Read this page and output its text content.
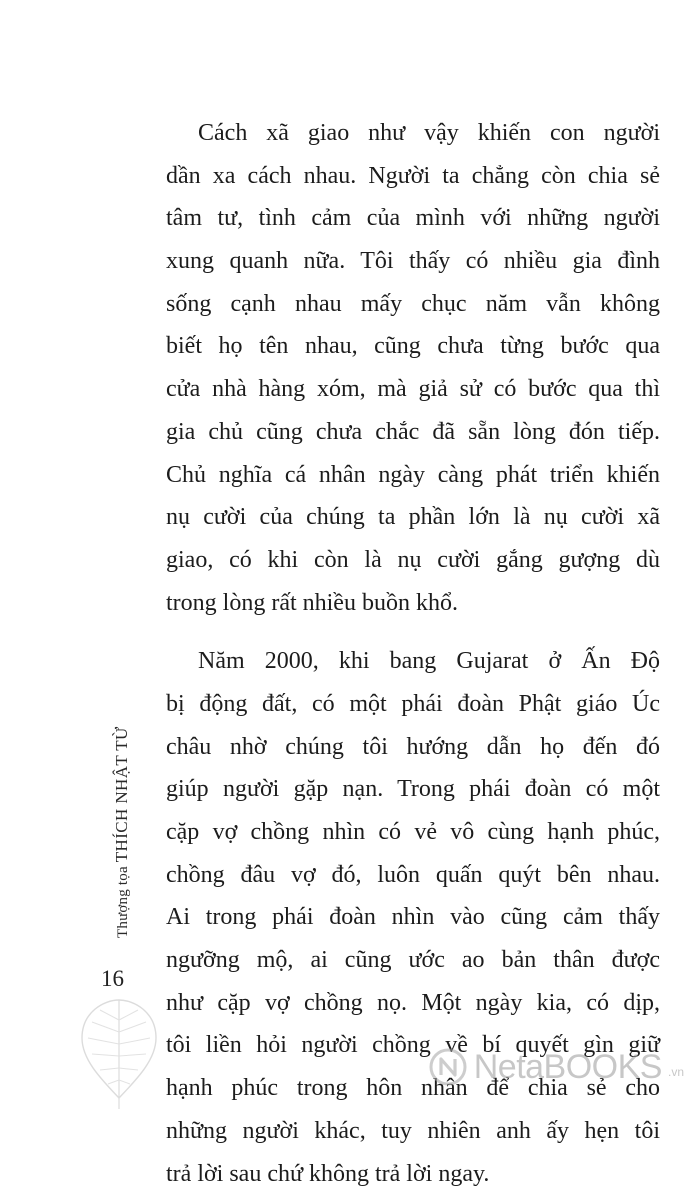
Cách xã giao như vậy khiến con người
dần xa cách nhau. Người ta chẳng còn chia sẻ
tâm tư, tình cảm của mình với những người
xung quanh nữa. Tôi thấy có nhiều gia đình
sống cạnh nhau mấy chục năm vẫn không
biết họ tên nhau, cũng chưa từng bước qua
cửa nhà hàng xóm, mà giả sử có bước qua thì
gia chủ cũng chưa chắc đã sẵn lòng đón tiếp.
Chủ nghĩa cá nhân ngày càng phát triển khiến
nụ cười của chúng ta phần lớn là nụ cười xã
giao, có khi còn là nụ cười gắng gượng dù
trong lòng rất nhiều buồn khổ.
Năm 2000, khi bang Gujarat ở Ấn Độ
bị động đất, có một phái đoàn Phật giáo Úc
châu nhờ chúng tôi hướng dẫn họ đến đó
giúp người gặp nạn. Trong phái đoàn có một
cặp vợ chồng nhìn có vẻ vô cùng hạnh phúc,
chồng đâu vợ đó, luôn quấn quýt bên nhau.
Ai trong phái đoàn nhìn vào cũng cảm thấy
ngưỡng mộ, ai cũng ước ao bản thân được
như cặp vợ chồng nọ. Một ngày kia, có dịp,
tôi liền hỏi người chồng về bí quyết gìn giữ
hạnh phúc trong hôn nhân để chia sẻ cho
những người khác, tuy nhiên anh ấy hẹn tôi
trả lời sau chứ không trả lời ngay.
Thượng tọa THÍCH NHẬT TỪ
16
NetaBOOKS .vn
